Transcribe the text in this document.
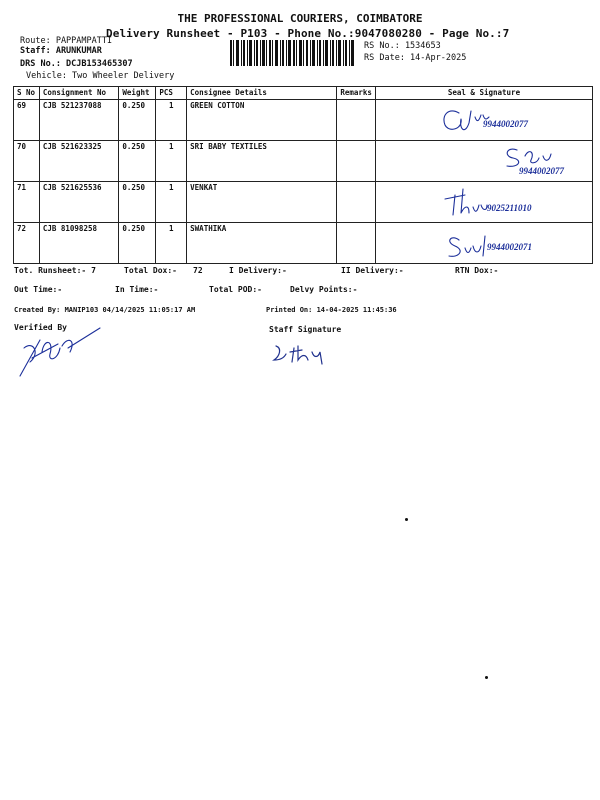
THE PROFESSIONAL COURIERS, COIMBATORE
Delivery Runsheet - P103 - Phone No.:9047080280 - Page No.:7
Route: PAPPAMPATTI
Staff: ARUNKUMAR
DRS No.: DCJB153465307
Vehicle: Two Wheeler Delivery
RS No.: 1534653
RS Date: 14-Apr-2025
S No	Consignment No	Weight	PCS	Consignee Details	Remarks	Seal & Signature
69	CJB 521237088	0.250	1	GREEN COTTON		9944002077

70	CJB 521623325	0.250	1	SRI BABY TEXTILES		9944002077

71	CJB 521625536	0.250	1	VENKAT		9025211010

72	CJB 81098258	0.250	1	SWATHIKA		9944002071
Tot. Runsheet:- 7	Total Dox:- 72	I Delivery:-	II Delivery:-	RTN Dox:-
Out Time:-	In Time:-	Total POD:-	Delvy Points:-
Created By: MANIP103 04/14/2025 11:05:17 AM	Printed On: 14-04-2025 11:45:36
Verified By	Staff Signature
